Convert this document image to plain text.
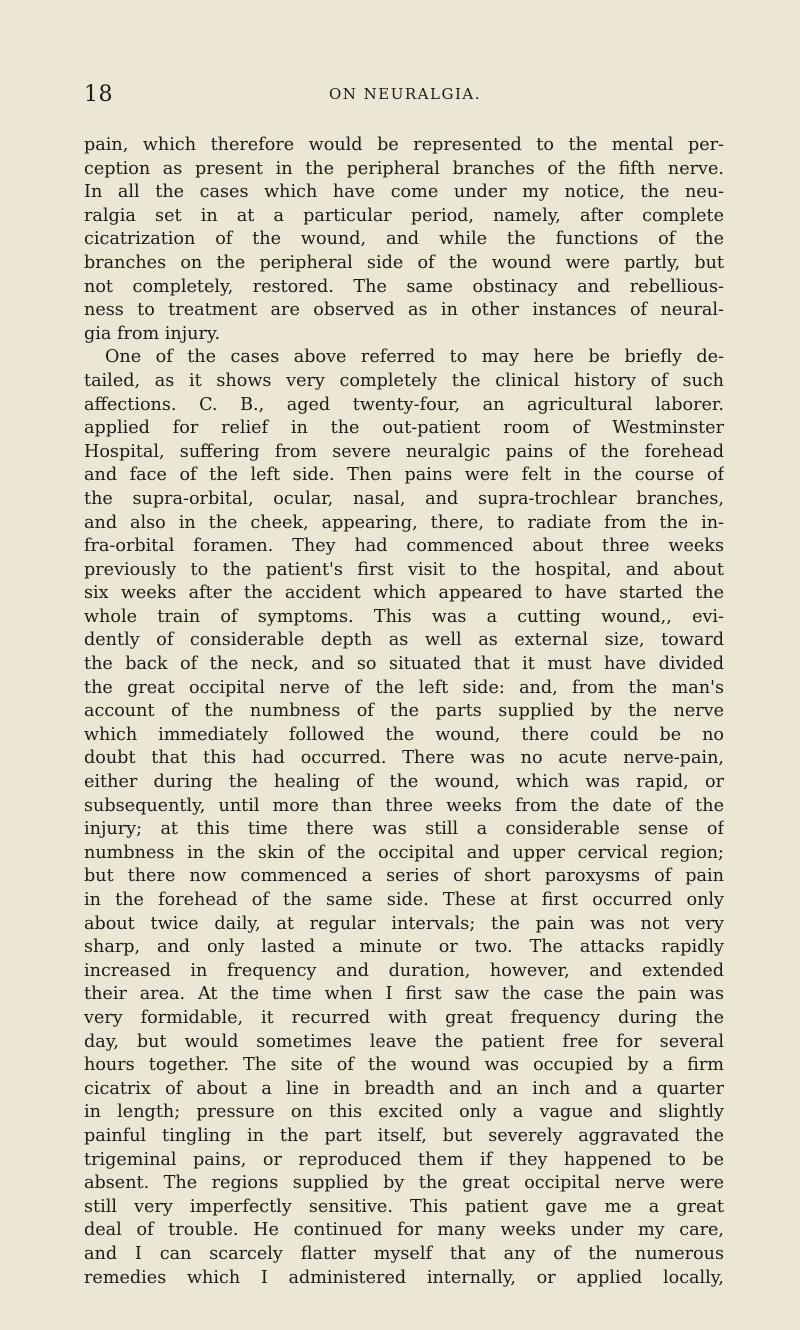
18	ON NEURALGIA.
pain, which therefore would be represented to the mental per-
ception as present in the peripheral branches of the fifth nerve.
In all the cases which have come under my notice, the neu-
ralgia set in at a particular period, namely, after complete
cicatrization of the wound, and while the functions of the
branches on the peripheral side of the wound were partly, but
not completely, restored. The same obstinacy and rebellious-
ness to treatment are observed as in other instances of neural-
gia from injury.
One of the cases above referred to may here be briefly de-
tailed, as it shows very completely the clinical history of such
affections. C. B., aged twenty-four, an agricultural laborer.
applied for relief in the out-patient room of Westminster
Hospital, suffering from severe neuralgic pains of the forehead
and face of the left side. Then pains were felt in the course of
the supra-orbital, ocular, nasal, and supra-trochlear branches,
and also in the cheek, appearing, there, to radiate from the in-
fra-orbital foramen. They had commenced about three weeks
previously to the patient's first visit to the hospital, and about
six weeks after the accident which appeared to have started the
whole train of symptoms. This was a cutting wound,, evi-
dently of considerable depth as well as external size, toward
the back of the neck, and so situated that it must have divided
the great occipital nerve of the left side: and, from the man's
account of the numbness of the parts supplied by the nerve
which immediately followed the wound, there could be no
doubt that this had occurred. There was no acute nerve-pain,
either during the healing of the wound, which was rapid, or
subsequently, until more than three weeks from the date of the
injury; at this time there was still a considerable sense of
numbness in the skin of the occipital and upper cervical region;
but there now commenced a series of short paroxysms of pain
in the forehead of the same side. These at first occurred only
about twice daily, at regular intervals; the pain was not very
sharp, and only lasted a minute or two. The attacks rapidly
increased in frequency and duration, however, and extended
their area. At the time when I first saw the case the pain was
very formidable, it recurred with great frequency during the
day, but would sometimes leave the patient free for several
hours together. The site of the wound was occupied by a firm
cicatrix of about a line in breadth and an inch and a quarter
in length; pressure on this excited only a vague and slightly
painful tingling in the part itself, but severely aggravated the
trigeminal pains, or reproduced them if they happened to be
absent. The regions supplied by the great occipital nerve were
still very imperfectly sensitive. This patient gave me a great
deal of trouble. He continued for many weeks under my care,
and I can scarcely flatter myself that any of the numerous
remedies which I administered internally, or applied locally,
